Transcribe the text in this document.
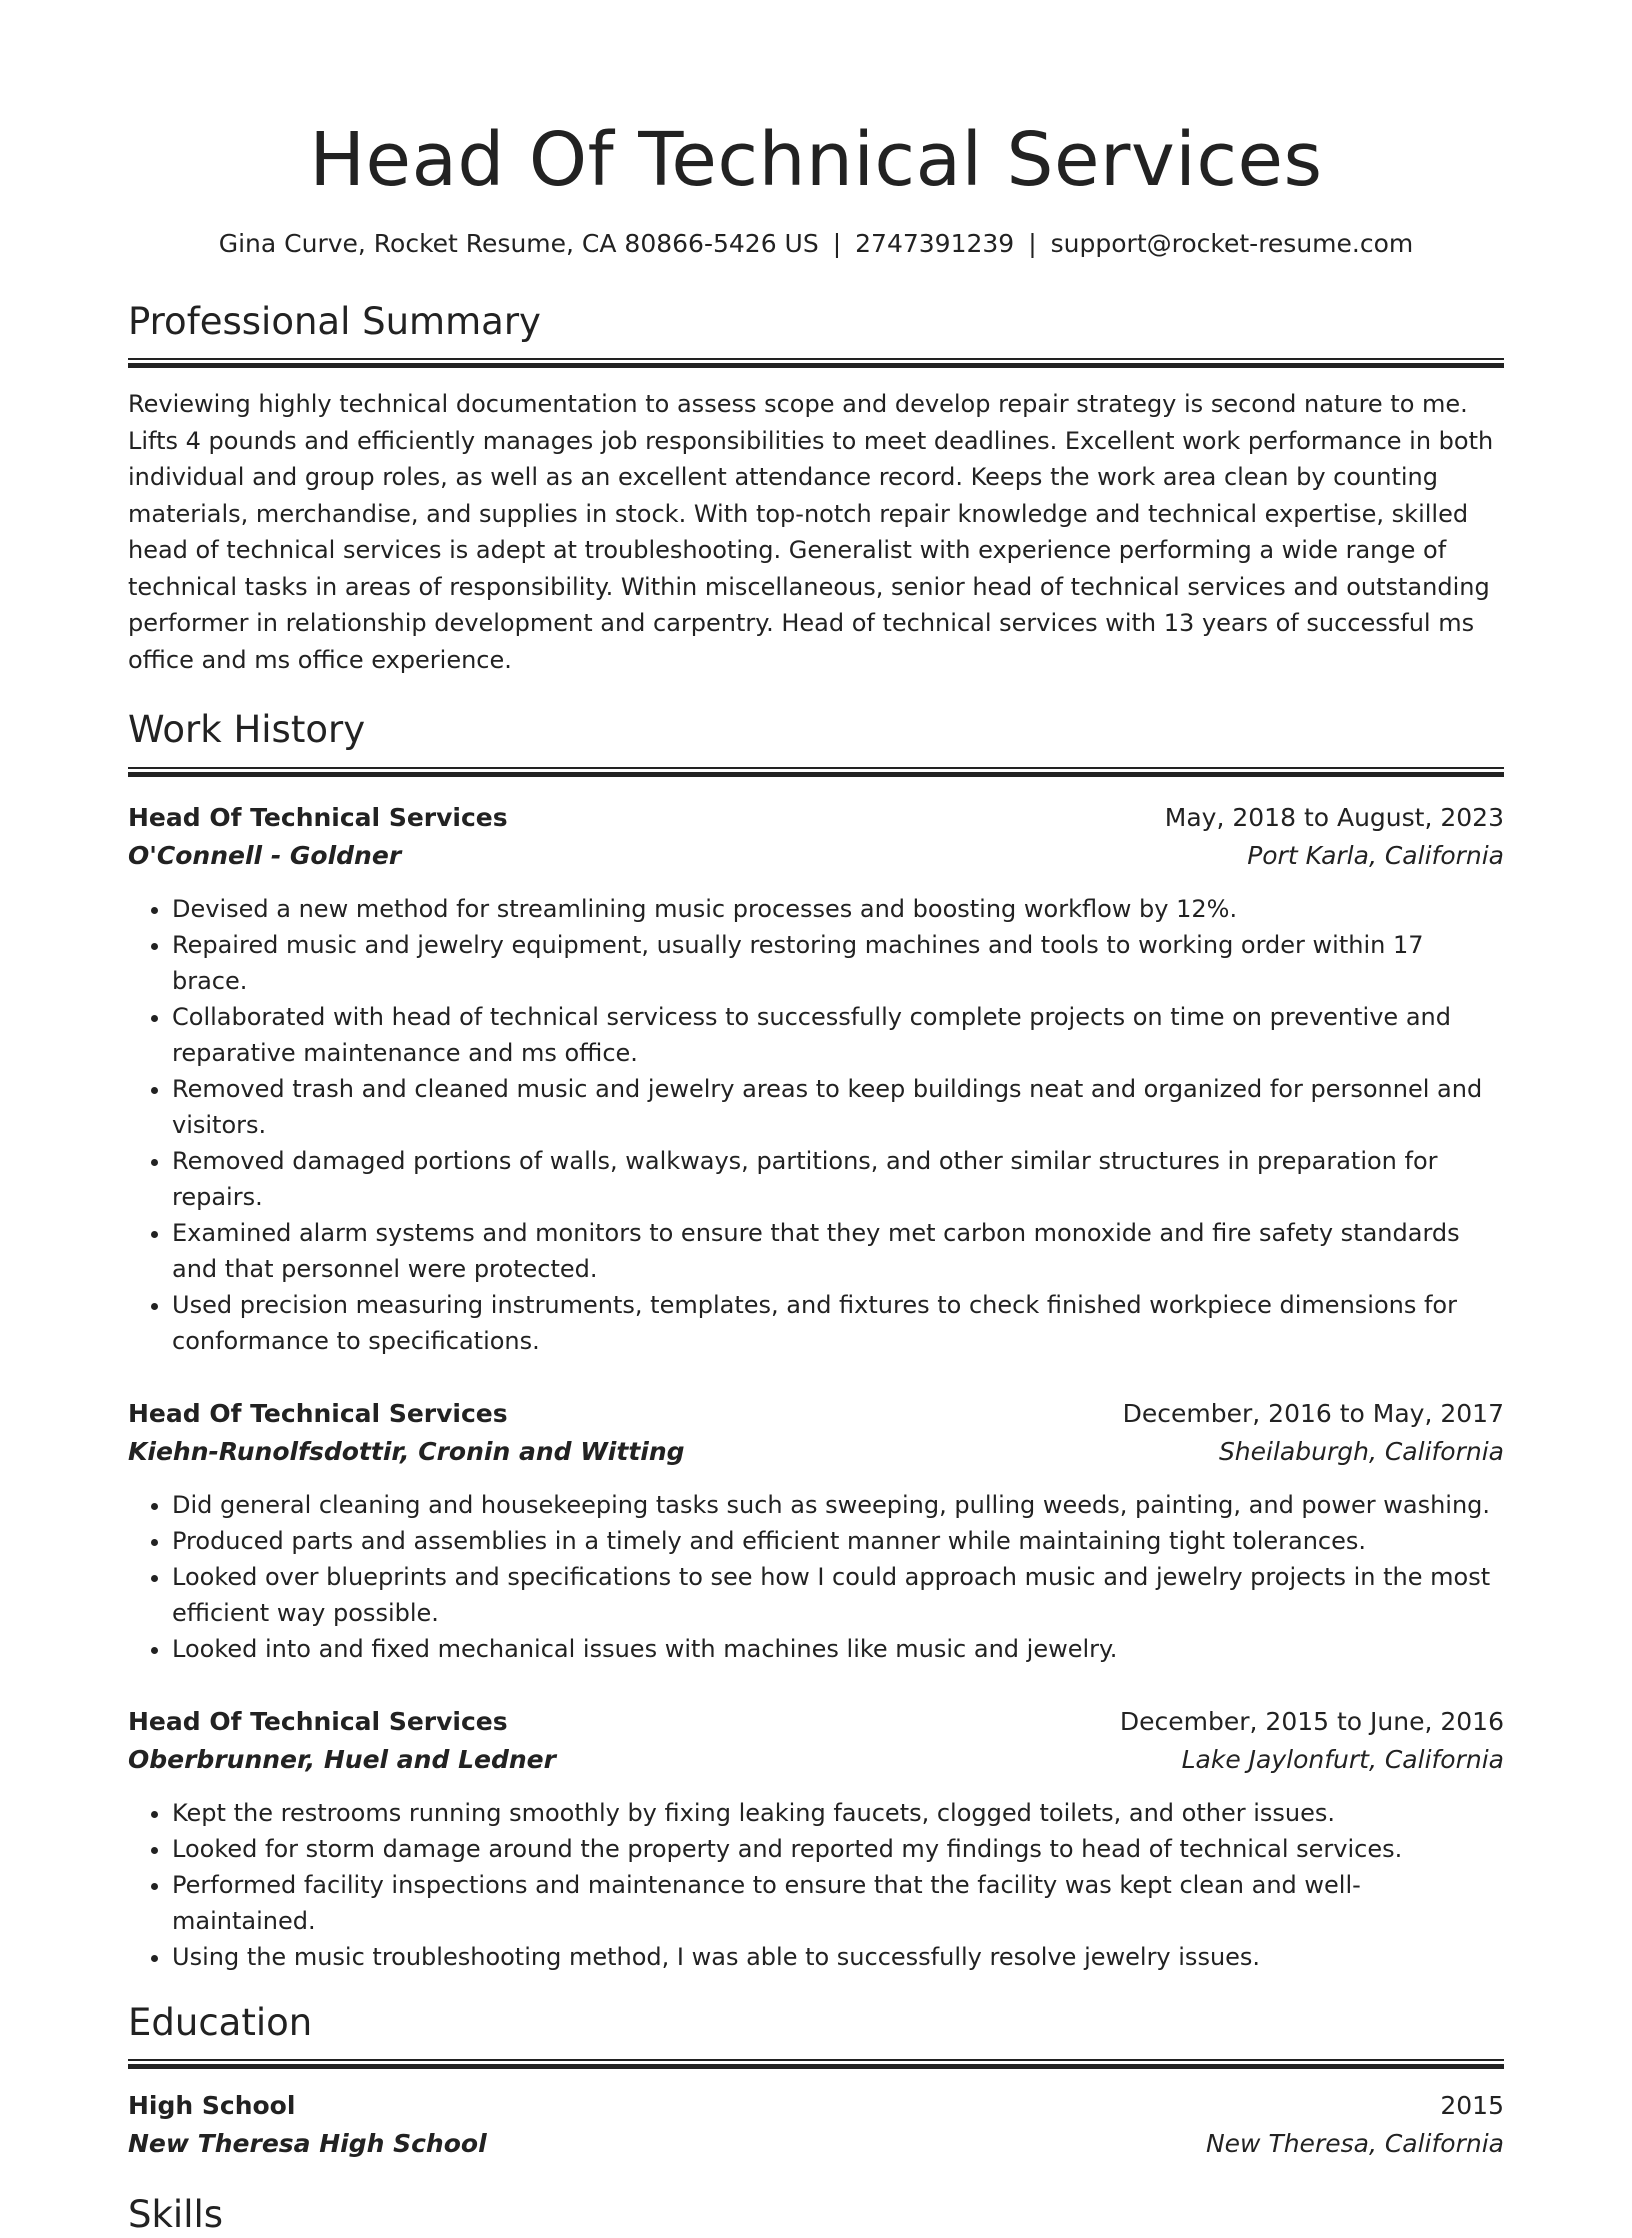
Head Of Technical Services
Gina Curve, Rocket Resume, CA 80866-5426 US | 2747391239 | support@rocket-resume.com
Professional Summary
Reviewing highly technical documentation to assess scope and develop repair strategy is second nature to me. Lifts 4 pounds and efficiently manages job responsibilities to meet deadlines. Excellent work performance in both individual and group roles, as well as an excellent attendance record. Keeps the work area clean by counting materials, merchandise, and supplies in stock. With top-notch repair knowledge and technical expertise, skilled head of technical services is adept at troubleshooting. Generalist with experience performing a wide range of technical tasks in areas of responsibility. Within miscellaneous, senior head of technical services and outstanding performer in relationship development and carpentry. Head of technical services with 13 years of successful ms office and ms office experience.
Work History
Head Of Technical Services	May, 2018 to August, 2023
O'Connell - Goldner	Port Karla, California
• Devised a new method for streamlining music processes and boosting workflow by 12%.
• Repaired music and jewelry equipment, usually restoring machines and tools to working order within 17 brace.
• Collaborated with head of technical servicess to successfully complete projects on time on preventive and reparative maintenance and ms office.
• Removed trash and cleaned music and jewelry areas to keep buildings neat and organized for personnel and visitors.
• Removed damaged portions of walls, walkways, partitions, and other similar structures in preparation for repairs.
• Examined alarm systems and monitors to ensure that they met carbon monoxide and fire safety standards and that personnel were protected.
• Used precision measuring instruments, templates, and fixtures to check finished workpiece dimensions for conformance to specifications.
Head Of Technical Services	December, 2016 to May, 2017
Kiehn-Runolfsdottir, Cronin and Witting	Sheilaburgh, California
• Did general cleaning and housekeeping tasks such as sweeping, pulling weeds, painting, and power washing.
• Produced parts and assemblies in a timely and efficient manner while maintaining tight tolerances.
• Looked over blueprints and specifications to see how I could approach music and jewelry projects in the most efficient way possible.
• Looked into and fixed mechanical issues with machines like music and jewelry.
Head Of Technical Services	December, 2015 to June, 2016
Oberbrunner, Huel and Ledner	Lake Jaylonfurt, California
• Kept the restrooms running smoothly by fixing leaking faucets, clogged toilets, and other issues.
• Looked for storm damage around the property and reported my findings to head of technical services.
• Performed facility inspections and maintenance to ensure that the facility was kept clean and well-maintained.
• Using the music troubleshooting method, I was able to successfully resolve jewelry issues.
Education
High School	2015
New Theresa High School	New Theresa, California
Skills
